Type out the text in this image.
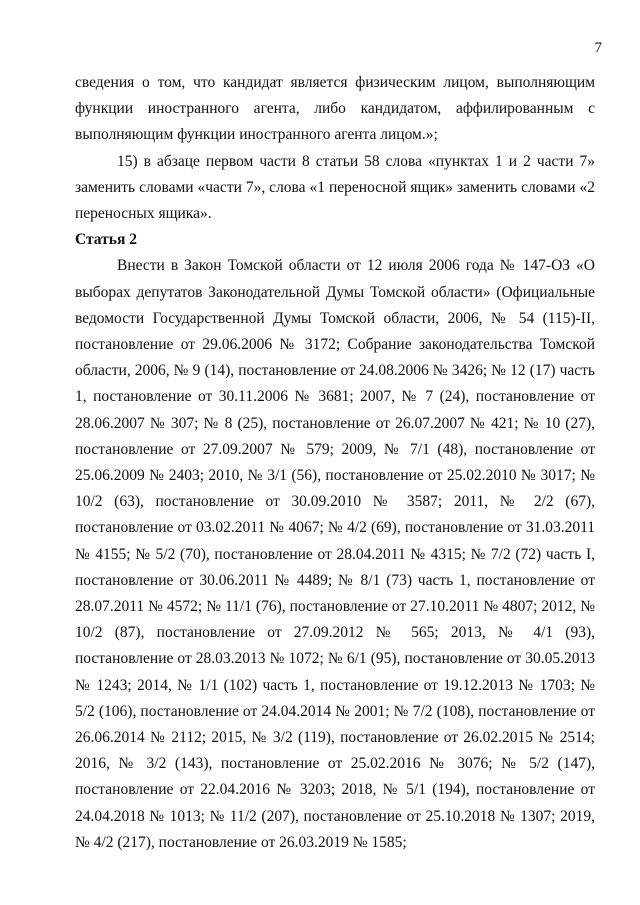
7

сведения о том, что кандидат является физическим лицом, выполняющим функции иностранного агента, либо кандидатом, аффилированным с выполняющим функции иностранного агента лицом.»;

15) в абзаце первом части 8 статьи 58 слова «пунктах 1 и 2 части 7» заменить словами «части 7», слова «1 переносной ящик» заменить словами «2 переносных ящика».

Статья 2

Внести в Закон Томской области от 12 июля 2006 года № 147-ОЗ «О выборах депутатов Законодательной Думы Томской области» (Официальные ведомости Государственной Думы Томской области, 2006, № 54 (115)-II, постановление от 29.06.2006 № 3172; Собрание законодательства Томской области, 2006, № 9 (14), постановление от 24.08.2006 № 3426; № 12 (17) часть 1, постановление от 30.11.2006 № 3681; 2007, № 7 (24), постановление от 28.06.2007 № 307; № 8 (25), постановление от 26.07.2007 № 421; № 10 (27), постановление от 27.09.2007 № 579; 2009, № 7/1 (48), постановление от 25.06.2009 № 2403; 2010, № 3/1 (56), постановление от 25.02.2010 № 3017; № 10/2 (63), постановление от 30.09.2010 № 3587; 2011, № 2/2 (67), постановление от 03.02.2011 № 4067; № 4/2 (69), постановление от 31.03.2011 № 4155; № 5/2 (70), постановление от 28.04.2011 № 4315; № 7/2 (72) часть I, постановление от 30.06.2011 № 4489; № 8/1 (73) часть 1, постановление от 28.07.2011 № 4572; № 11/1 (76), постановление от 27.10.2011 № 4807; 2012, № 10/2 (87), постановление от 27.09.2012 № 565; 2013, № 4/1 (93), постановление от 28.03.2013 № 1072; № 6/1 (95), постановление от 30.05.2013 № 1243; 2014, № 1/1 (102) часть 1, постановление от 19.12.2013 № 1703; № 5/2 (106), постановление от 24.04.2014 № 2001; № 7/2 (108), постановление от 26.06.2014 № 2112; 2015, № 3/2 (119), постановление от 26.02.2015 № 2514; 2016, № 3/2 (143), постановление от 25.02.2016 № 3076; № 5/2 (147), постановление от 22.04.2016 № 3203; 2018, № 5/1 (194), постановление от 24.04.2018 № 1013; № 11/2 (207), постановление от 25.10.2018 № 1307; 2019, № 4/2 (217), постановление от 26.03.2019 № 1585;
